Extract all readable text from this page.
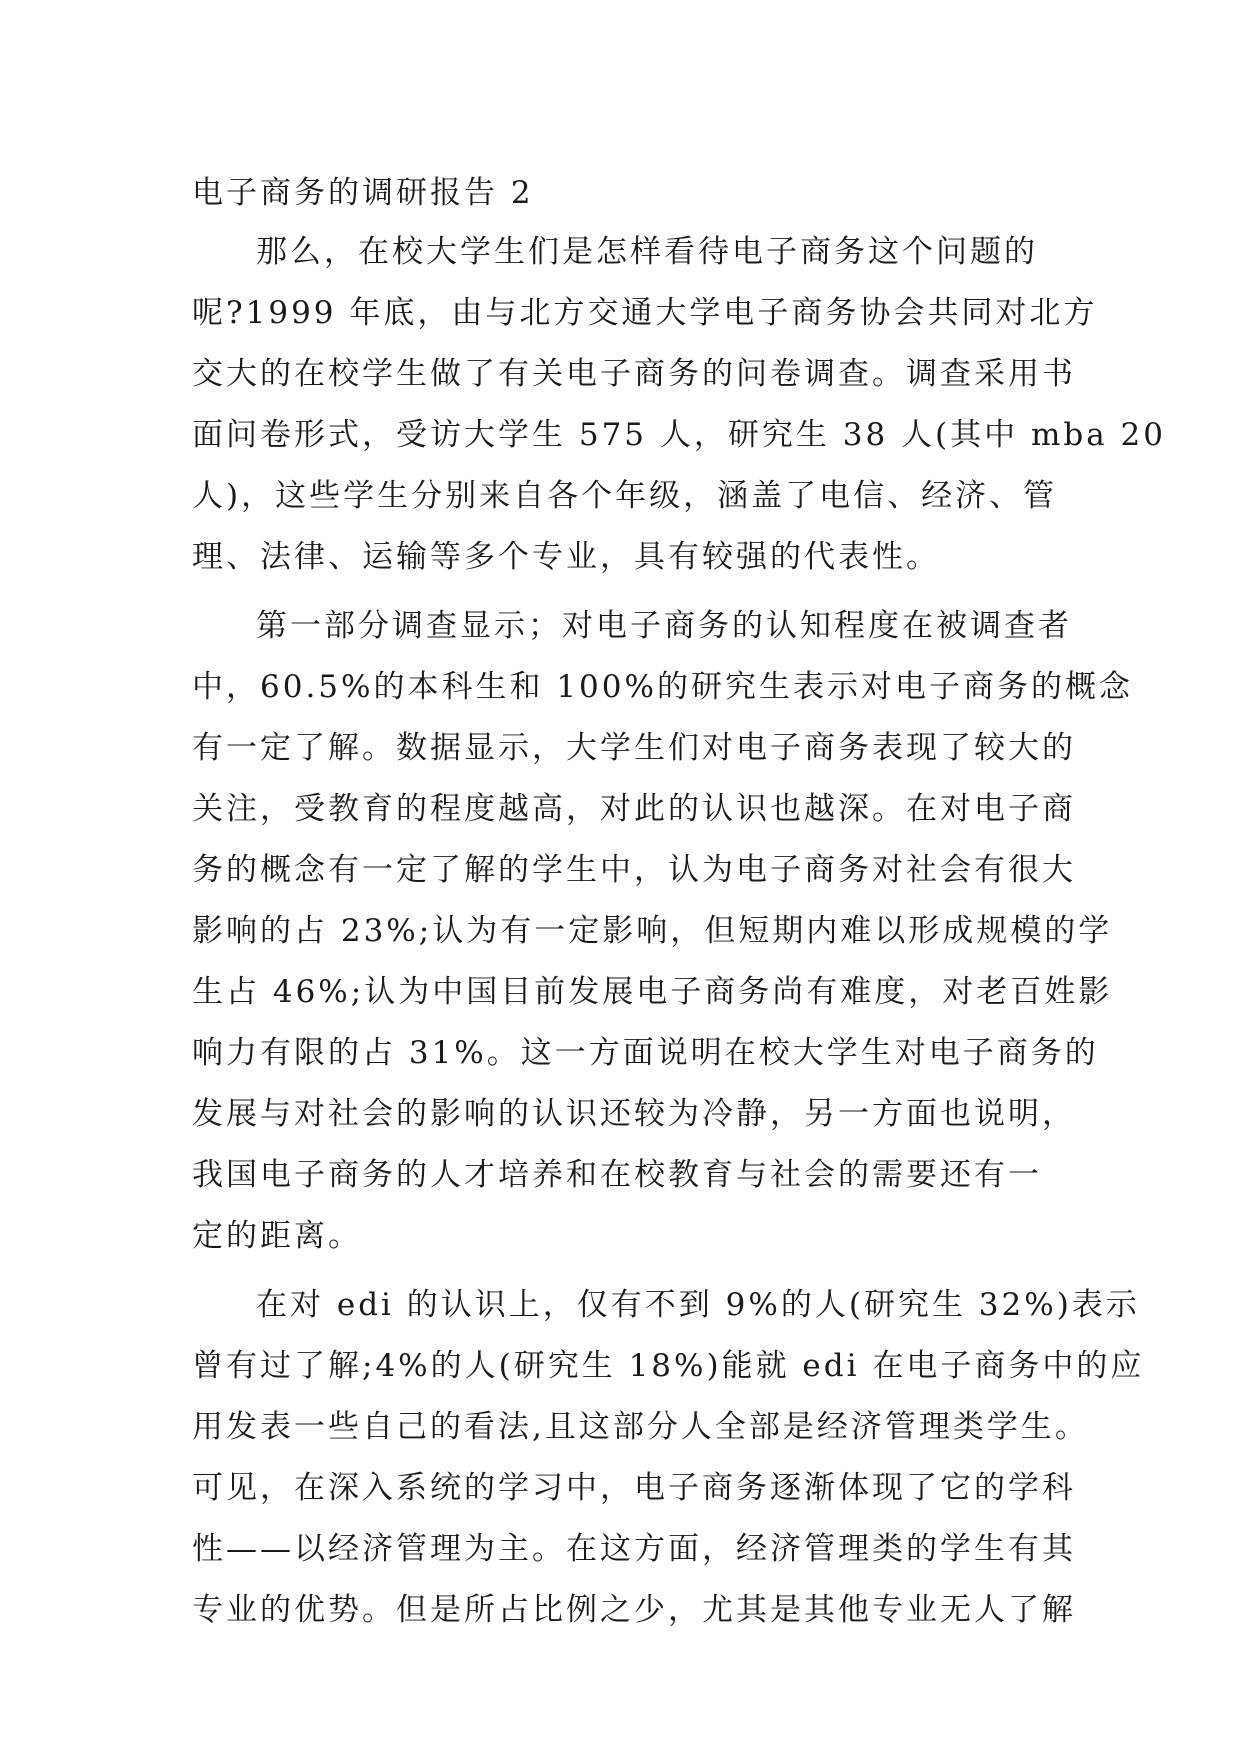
电子商务的调研报告 2
那么，在校大学生们是怎样看待电子商务这个问题的
呢?1999 年底，由与北方交通大学电子商务协会共同对北方
交大的在校学生做了有关电子商务的问卷调查。调查采用书
面问卷形式，受访大学生 575 人，研究生 38 人(其中 mba 20
人)，这些学生分别来自各个年级，涵盖了电信、经济、管
理、法律、运输等多个专业，具有较强的代表性。
第一部分调查显示；对电子商务的认知程度在被调查者
中，60.5%的本科生和 100%的研究生表示对电子商务的概念
有一定了解。数据显示，大学生们对电子商务表现了较大的
关注，受教育的程度越高，对此的认识也越深。在对电子商
务的概念有一定了解的学生中，认为电子商务对社会有很大
影响的占 23%;认为有一定影响，但短期内难以形成规模的学
生占 46%;认为中国目前发展电子商务尚有难度，对老百姓影
响力有限的占 31%。这一方面说明在校大学生对电子商务的
发展与对社会的影响的认识还较为冷静，另一方面也说明，
我国电子商务的人才培养和在校教育与社会的需要还有一
定的距离。
在对 edi 的认识上，仅有不到 9%的人(研究生 32%)表示
曾有过了解;4%的人(研究生 18%)能就 edi 在电子商务中的应
用发表一些自己的看法,且这部分人全部是经济管理类学生。
可见，在深入系统的学习中，电子商务逐渐体现了它的学科
性——以经济管理为主。在这方面，经济管理类的学生有其
专业的优势。但是所占比例之少，尤其是其他专业无人了解
